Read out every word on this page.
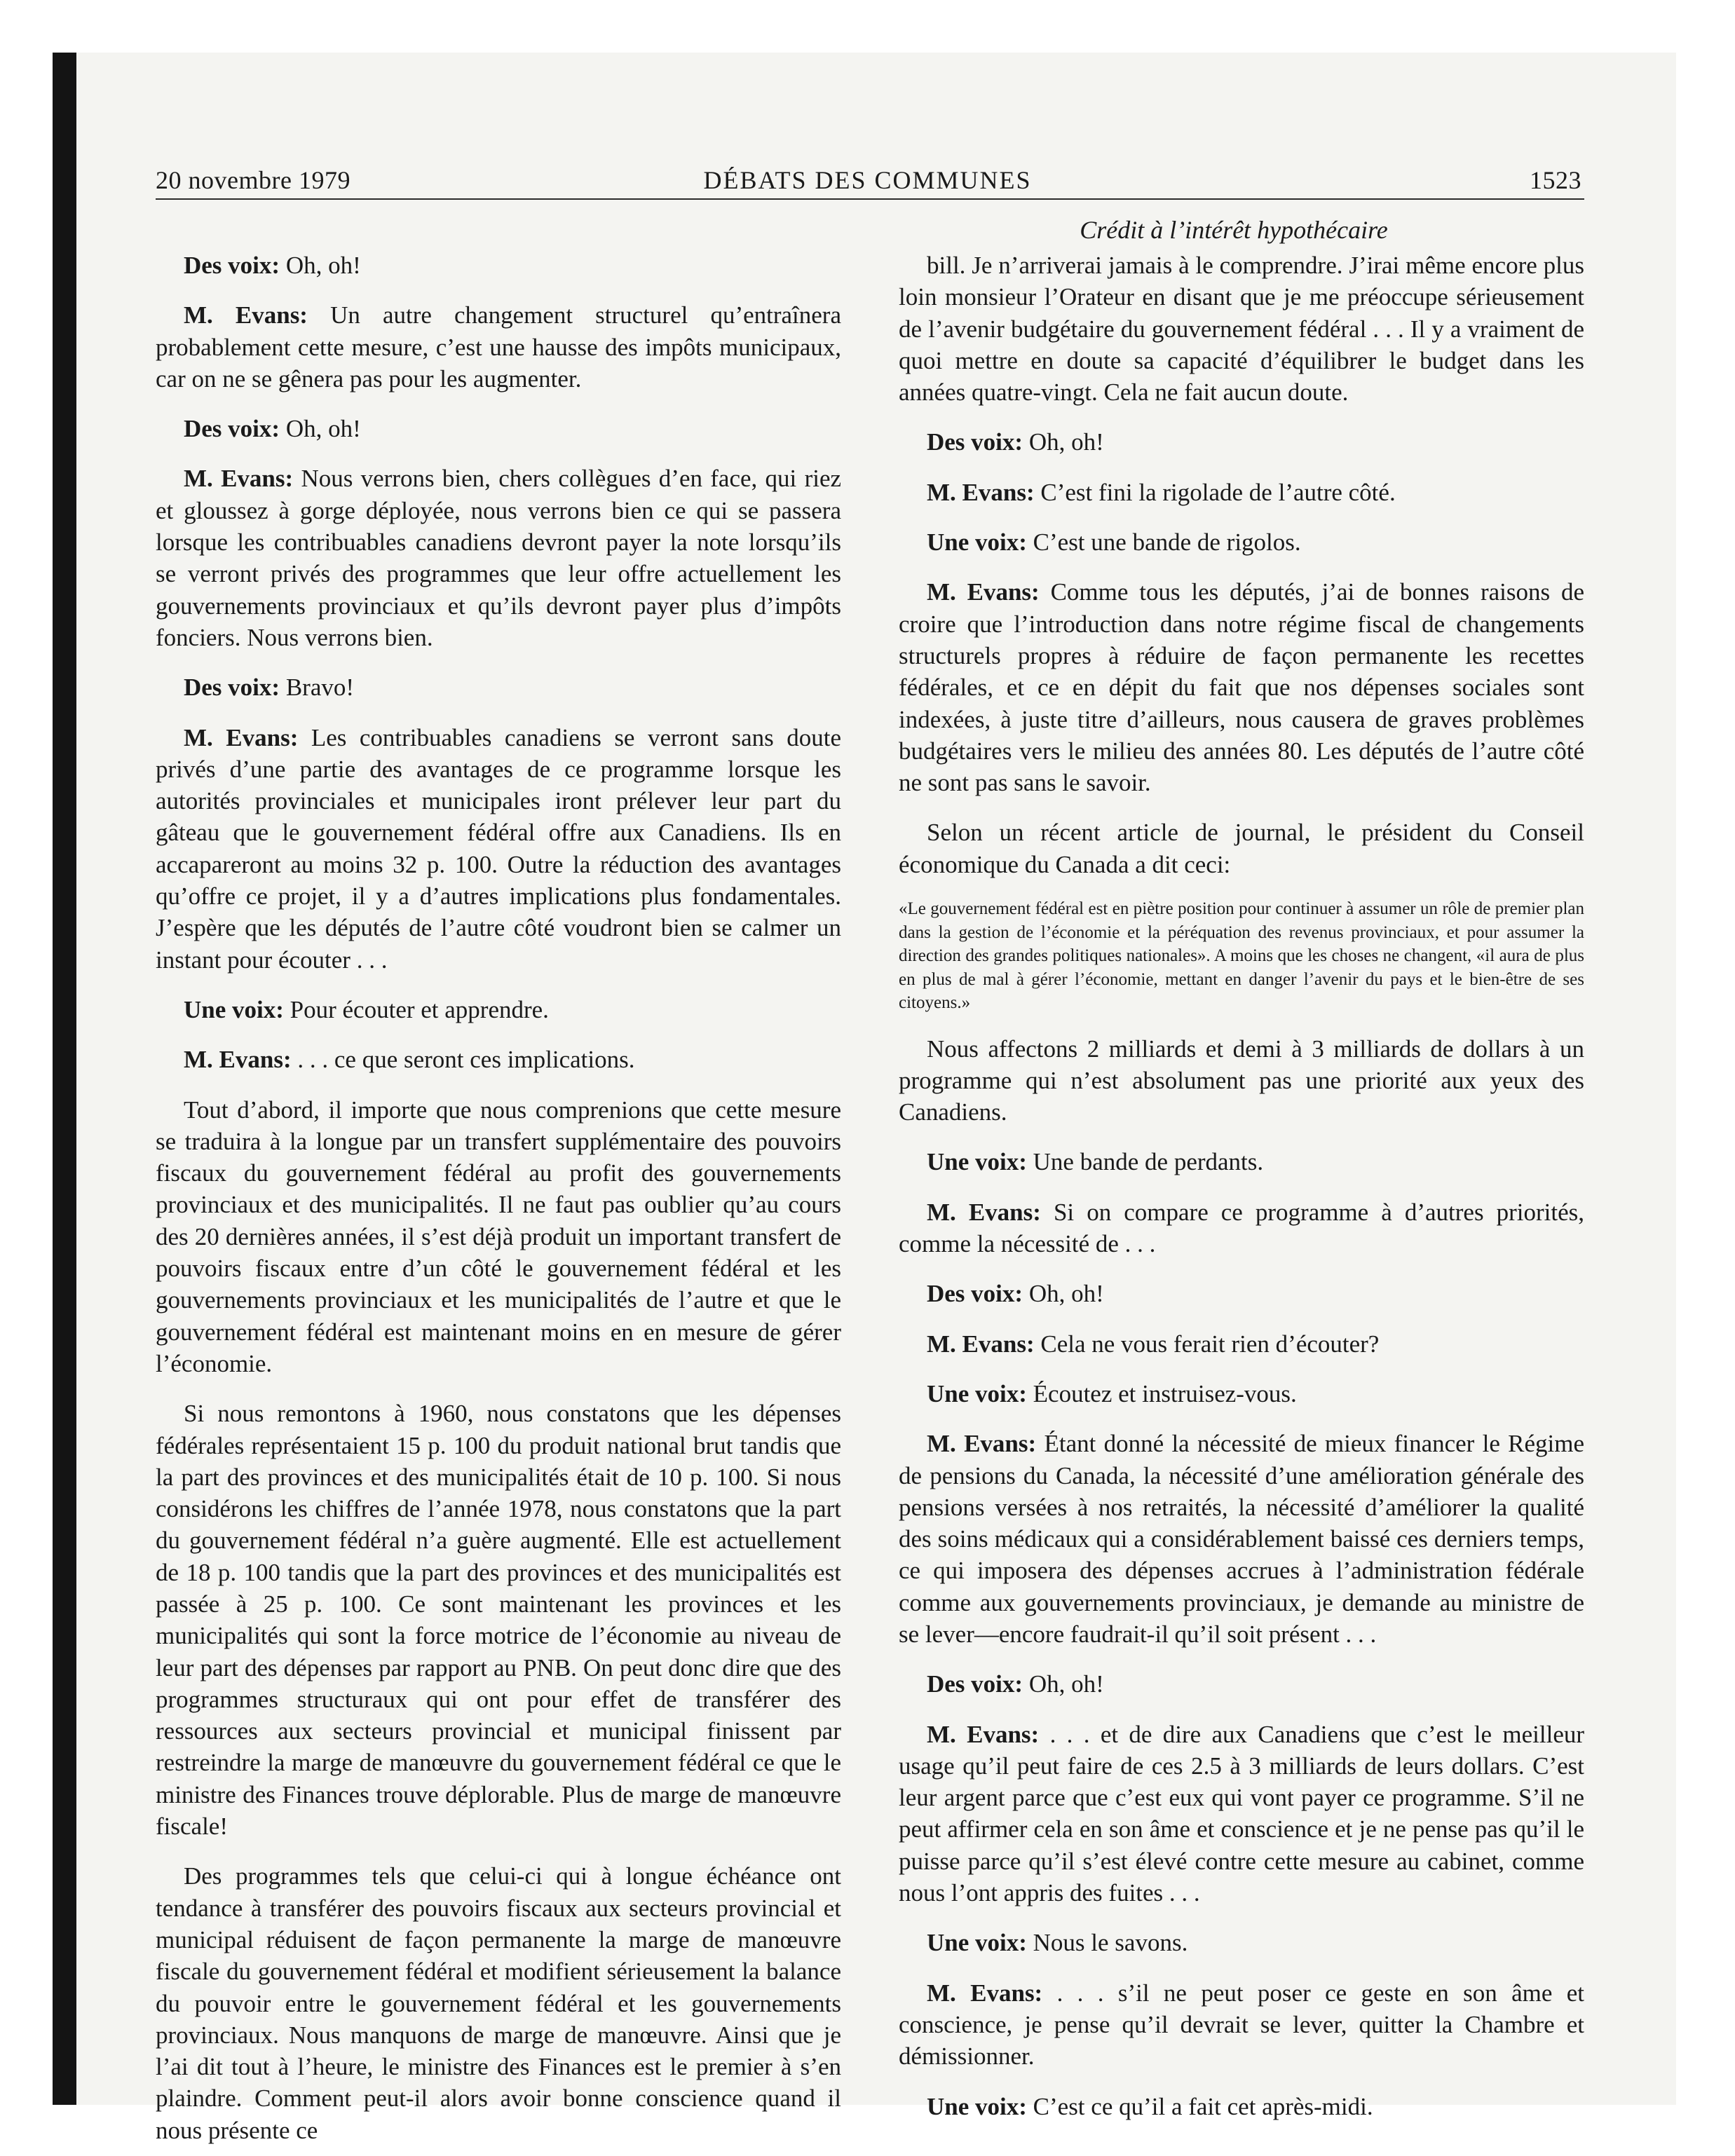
20 novembre 1979	DÉBATS DES COMMUNES	1523
Crédit à l’intérêt hypothécaire

Des voix: Oh, oh!

M. Evans: Un autre changement structurel qu’entraînera probablement cette mesure, c’est une hausse des impôts municipaux, car on ne se gênera pas pour les augmenter.

Des voix: Oh, oh!

M. Evans: Nous verrons bien, chers collègues d’en face, qui riez et gloussez à gorge déployée, nous verrons bien ce qui se passera lorsque les contribuables canadiens devront payer la note lorsqu’ils se verront privés des programmes que leur offre actuellement les gouvernements provinciaux et qu’ils devront payer plus d’impôts fonciers. Nous verrons bien.

Des voix: Bravo!

M. Evans: Les contribuables canadiens se verront sans doute privés d’une partie des avantages de ce programme lorsque les autorités provinciales et municipales iront prélever leur part du gâteau que le gouvernement fédéral offre aux Canadiens. Ils en accapareront au moins 32 p. 100. Outre la réduction des avantages qu’offre ce projet, il y a d’autres implications plus fondamentales. J’espère que les députés de l’autre côté voudront bien se calmer un instant pour écouter . . .

Une voix: Pour écouter et apprendre.

M. Evans: . . . ce que seront ces implications.

Tout d’abord, il importe que nous comprenions que cette mesure se traduira à la longue par un transfert supplémentaire des pouvoirs fiscaux du gouvernement fédéral au profit des gouvernements provinciaux et des municipalités. Il ne faut pas oublier qu’au cours des 20 dernières années, il s’est déjà produit un important transfert de pouvoirs fiscaux entre d’un côté le gouvernement fédéral et les gouvernements provinciaux et les municipalités de l’autre et que le gouvernement fédéral est maintenant moins en en mesure de gérer l’économie.

Si nous remontons à 1960, nous constatons que les dépenses fédérales représentaient 15 p. 100 du produit national brut tandis que la part des provinces et des municipalités était de 10 p. 100. Si nous considérons les chiffres de l’année 1978, nous constatons que la part du gouvernement fédéral n’a guère augmenté. Elle est actuellement de 18 p. 100 tandis que la part des provinces et des municipalités est passée à 25 p. 100. Ce sont maintenant les provinces et les municipalités qui sont la force motrice de l’économie au niveau de leur part des dépenses par rapport au PNB. On peut donc dire que des programmes structuraux qui ont pour effet de transférer des ressources aux secteurs provincial et municipal finissent par restreindre la marge de manœuvre du gouvernement fédéral ce que le ministre des Finances trouve déplorable. Plus de marge de manœuvre fiscale!

Des programmes tels que celui-ci qui à longue échéance ont tendance à transférer des pouvoirs fiscaux aux secteurs provincial et municipal réduisent de façon permanente la marge de manœuvre fiscale du gouvernement fédéral et modifient sérieusement la balance du pouvoir entre le gouvernement fédéral et les gouvernements provinciaux. Nous manquons de marge de manœuvre. Ainsi que je l’ai dit tout à l’heure, le ministre des Finances est le premier à s’en plaindre. Comment peut-il alors avoir bonne conscience quand il nous présente ce

bill. Je n’arriverai jamais à le comprendre. J’irai même encore plus loin monsieur l’Orateur en disant que je me préoccupe sérieusement de l’avenir budgétaire du gouvernement fédéral . . . Il y a vraiment de quoi mettre en doute sa capacité d’équilibrer le budget dans les années quatre-vingt. Cela ne fait aucun doute.

Des voix: Oh, oh!

M. Evans: C’est fini la rigolade de l’autre côté.

Une voix: C’est une bande de rigolos.

M. Evans: Comme tous les députés, j’ai de bonnes raisons de croire que l’introduction dans notre régime fiscal de changements structurels propres à réduire de façon permanente les recettes fédérales, et ce en dépit du fait que nos dépenses sociales sont indexées, à juste titre d’ailleurs, nous causera de graves problèmes budgétaires vers le milieu des années 80. Les députés de l’autre côté ne sont pas sans le savoir.

Selon un récent article de journal, le président du Conseil économique du Canada a dit ceci:

«Le gouvernement fédéral est en piètre position pour continuer à assumer un rôle de premier plan dans la gestion de l’économie et la péréquation des revenus provinciaux, et pour assumer la direction des grandes politiques nationales». A moins que les choses ne changent, «il aura de plus en plus de mal à gérer l’économie, mettant en danger l’avenir du pays et le bien-être de ses citoyens.»

Nous affectons 2 milliards et demi à 3 milliards de dollars à un programme qui n’est absolument pas une priorité aux yeux des Canadiens.

Une voix: Une bande de perdants.

M. Evans: Si on compare ce programme à d’autres priorités, comme la nécessité de . . .

Des voix: Oh, oh!

M. Evans: Cela ne vous ferait rien d’écouter?

Une voix: Écoutez et instruisez-vous.

M. Evans: Étant donné la nécessité de mieux financer le Régime de pensions du Canada, la nécessité d’une amélioration générale des pensions versées à nos retraités, la nécessité d’améliorer la qualité des soins médicaux qui a considérablement baissé ces derniers temps, ce qui imposera des dépenses accrues à l’administration fédérale comme aux gouvernements provinciaux, je demande au ministre de se lever—encore faudrait-il qu’il soit présent . . .

Des voix: Oh, oh!

M. Evans: . . . et de dire aux Canadiens que c’est le meilleur usage qu’il peut faire de ces 2.5 à 3 milliards de leurs dollars. C’est leur argent parce que c’est eux qui vont payer ce programme. S’il ne peut affirmer cela en son âme et conscience et je ne pense pas qu’il le puisse parce qu’il s’est élevé contre cette mesure au cabinet, comme nous l’ont appris des fuites . . .

Une voix: Nous le savons.

M. Evans: . . . s’il ne peut poser ce geste en son âme et conscience, je pense qu’il devrait se lever, quitter la Chambre et démissionner.

Une voix: C’est ce qu’il a fait cet après-midi.
